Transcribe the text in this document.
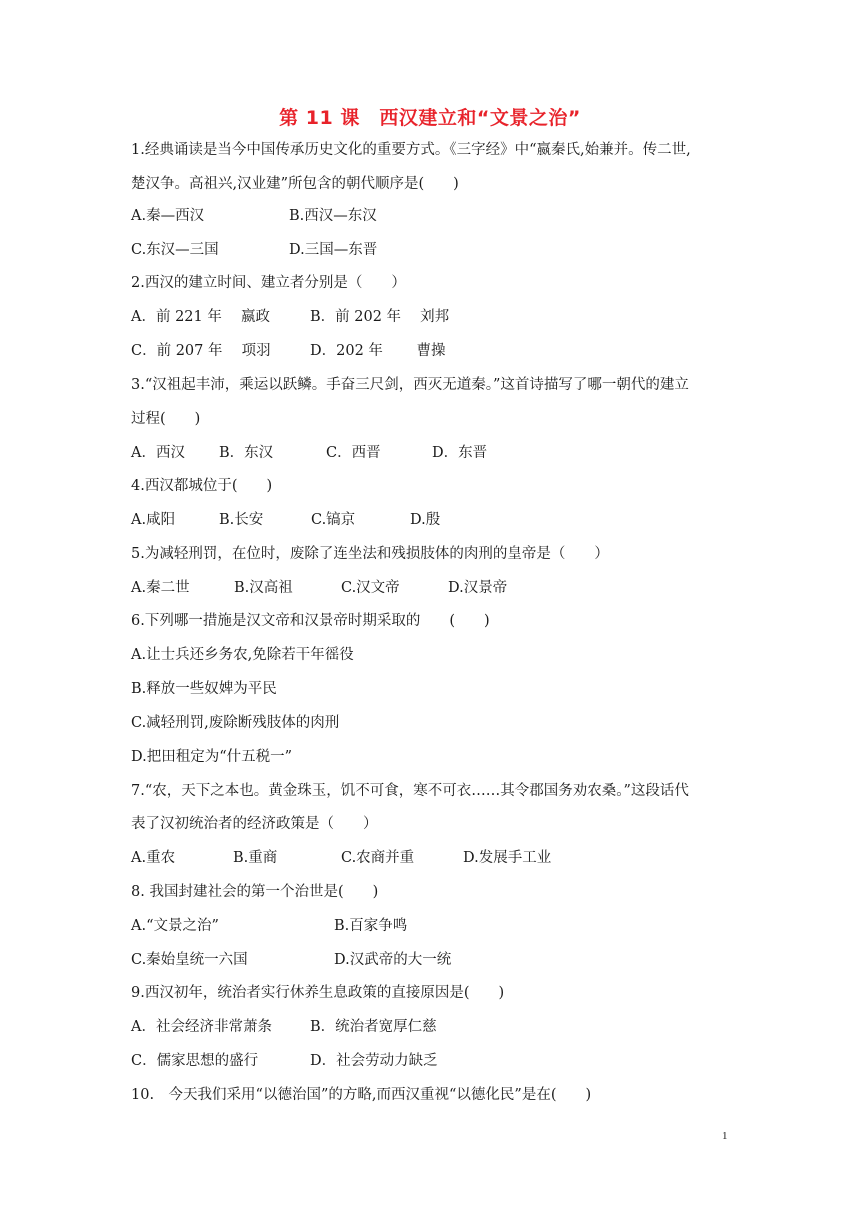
第 11 课　西汉建立和“文景之治”
1.经典诵读是当今中国传承历史文化的重要方式。《三字经》中“嬴秦氏,始兼并。传二世,
楚汉争。高祖兴,汉业建”所包含的朝代顺序是(　　)

A.秦—西汉

	B.西汉—东汉

C.东汉—三国

	D.三国—东晋

2.西汉的建立时间、建立者分别是（　　）

A．前 221 年　 嬴政

	B．前 202 年　 刘邦

C．前 207 年　 项羽

	D．202 年　　 曹操

3.“汉祖起丰沛，乘运以跃鳞。手奋三尺剑，西灭无道秦。”这首诗描写了哪一朝代的建立
过程(　　)

A．西汉

B．东汉

	C．西晋

	D．东晋

4.西汉都城位于(　　)

A.咸阳

	B.长安

	C.镐京

	D.殷

5.为减轻刑罚，在位时，废除了连坐法和残损肢体的肉刑的皇帝是（　　）

A.秦二世

	B.汉高祖

	C.汉文帝

	D.汉景帝

6.下列哪一措施是汉文帝和汉景帝时期采取的　　(　　)
A.让士兵还乡务农,免除若干年徭役
B.释放一些奴婢为平民
C.减轻刑罚,废除断残肢体的肉刑
D.把田租定为“什五税一”
7.“农，天下之本也。黄金珠玉，饥不可食，寒不可衣……其令郡国务劝农桑。”这段话代
表了汉初统治者的经济政策是（　　）

A.重农

	B.重商

	C.农商并重

	D.发展手工业

8. 我国封建社会的第一个治世是(　　)

A.“文景之治”

	B.百家争鸣

C.秦始皇统一六国

	D.汉武帝的大一统

9.西汉初年，统治者实行休养生息政策的直接原因是(　　)

A．社会经济非常萧条

	B．统治者宽厚仁慈

C．儒家思想的盛行

	D．社会劳动力缺乏

10.　今天我们采用“以德治国”的方略,而西汉重视“以德化民”是在(　　)
1
